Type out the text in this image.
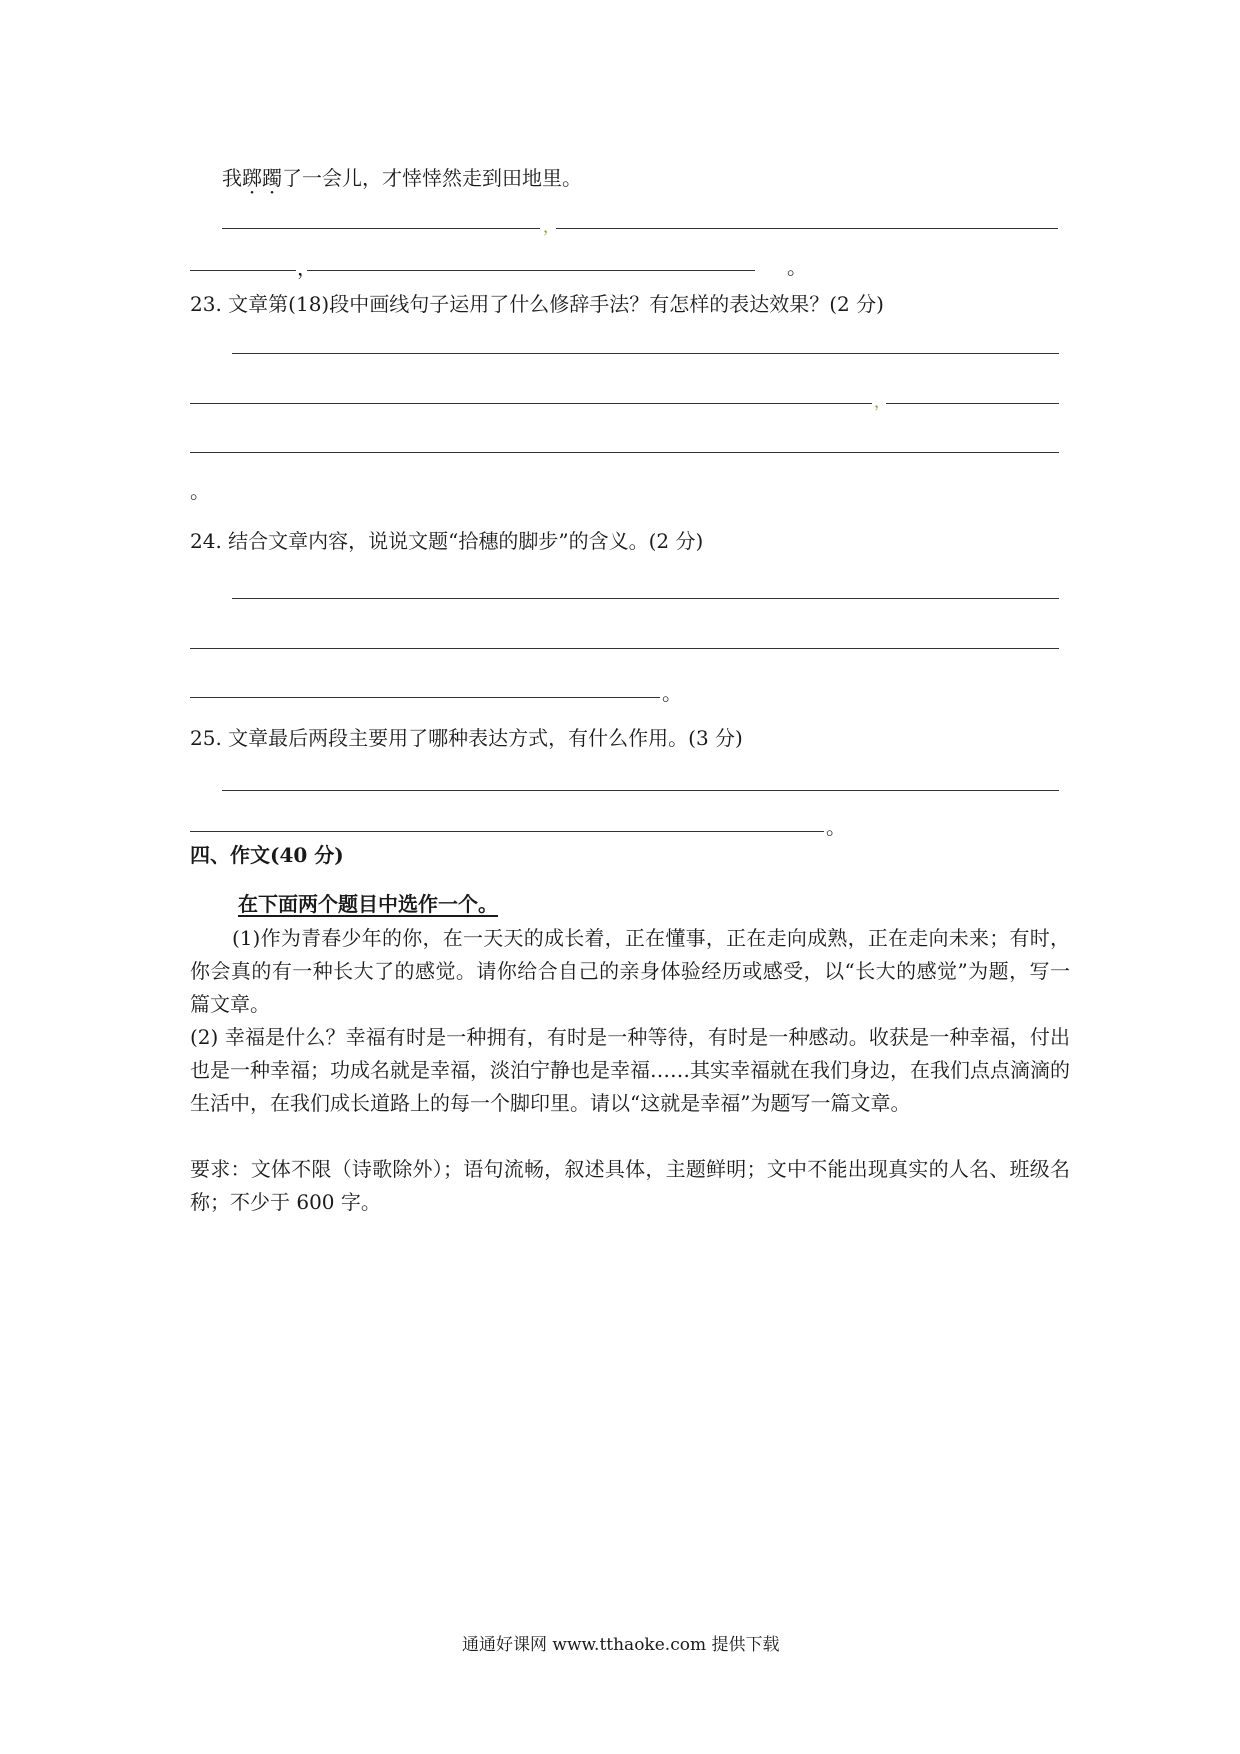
我踯躅了一会儿，才悻悻然走到田地里。
，
，	。
23. 文章第(18)段中画线句子运用了什么修辞手法？有怎样的表达效果？(2 分)
，
。
24. 结合文章内容，说说文题“拾穗的脚步”的含义。(2 分)
。
25. 文章最后两段主要用了哪种表达方式，有什么作用。(3 分)
。
四、作文(40 分)
在下面两个题目中选作一个。
(1)作为青春少年的你，在一天天的成长着，正在懂事，正在走向成熟，正在走向未来；有时，你会真的有一种长大了的感觉。请你给合自己的亲身体验经历或感受，以“长大的感觉”为题，写一篇文章。
(2) 幸福是什么？幸福有时是一种拥有，有时是一种等待，有时是一种感动。收获是一种幸福，付出也是一种幸福；功成名就是幸福，淡泊宁静也是幸福……其实幸福就在我们身边，在我们点点滴滴的生活中，在我们成长道路上的每一个脚印里。请以“这就是幸福”为题写一篇文章。
要求：文体不限（诗歌除外）；语句流畅，叙述具体，主题鲜明；文中不能出现真实的人名、班级名称；不少于 600 字。
通通好课网 www.tthaoke.com 提供下载
